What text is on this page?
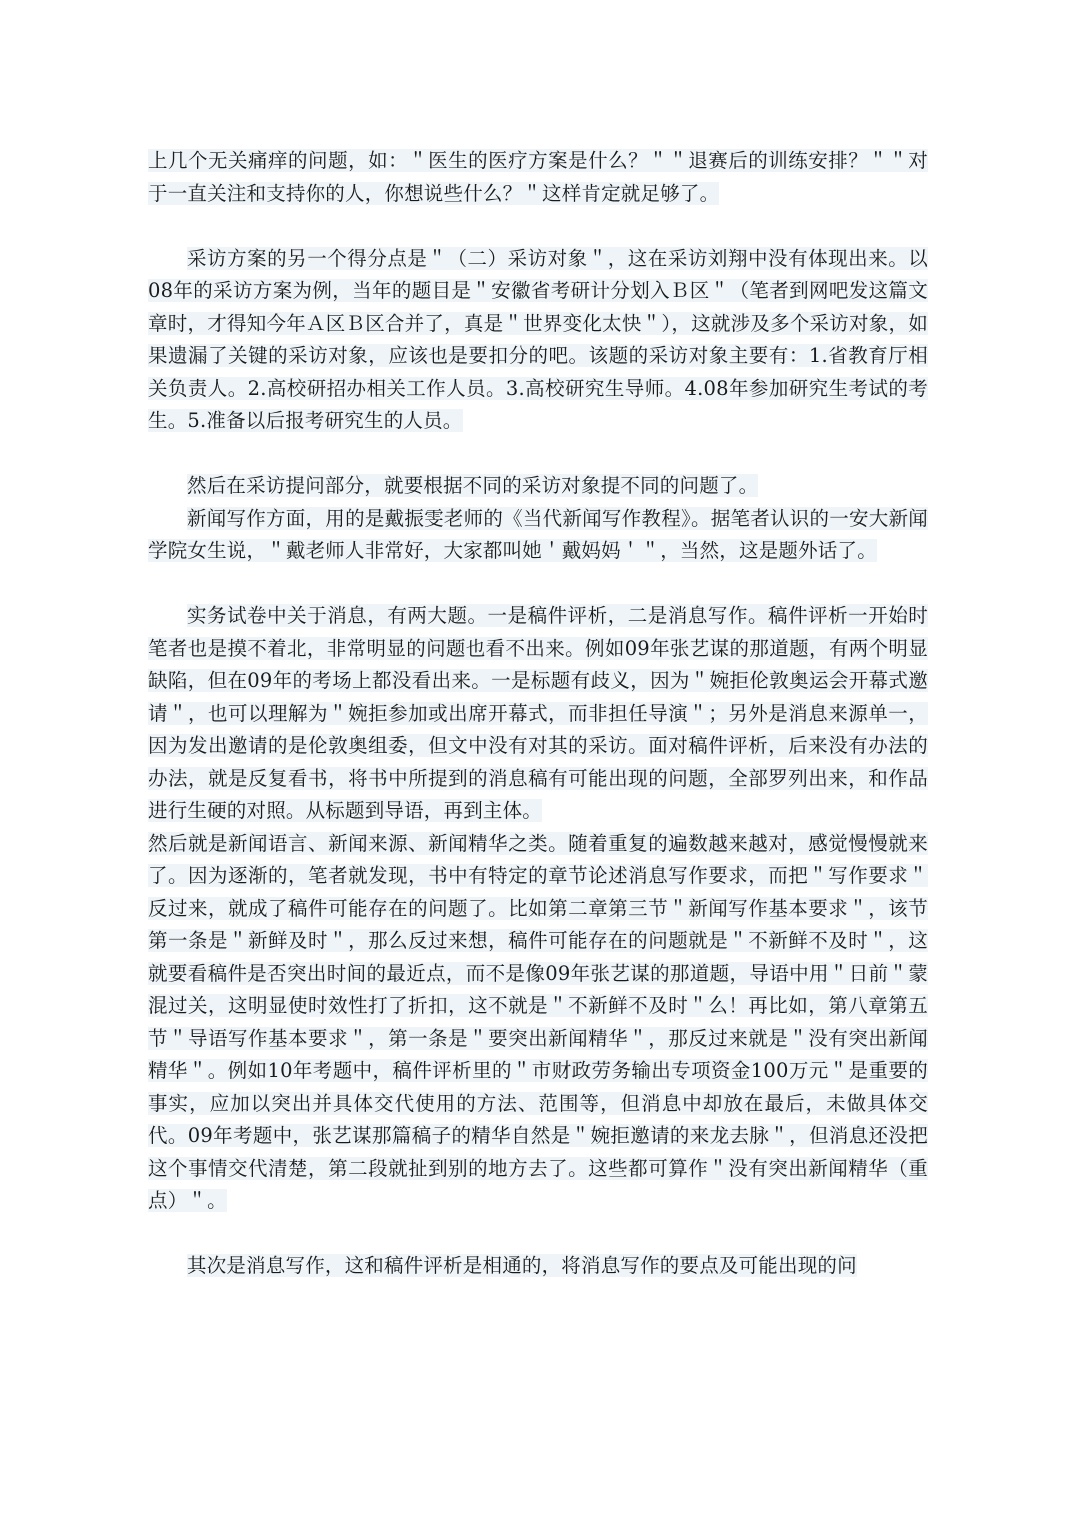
上几个无关痛痒的问题，如：＂医生的医疗方案是什么？＂＂退赛后的训练安排？＂＂对于一直关注和支持你的人，你想说些什么？＂这样肯定就足够了。

采访方案的另一个得分点是＂（二）采访对象＂，这在采访刘翔中没有体现出来。以08年的采访方案为例，当年的题目是＂安徽省考研计分划入Ｂ区＂（笔者到网吧发这篇文章时，才得知今年Ａ区Ｂ区合并了，真是＂世界变化太快＂），这就涉及多个采访对象，如果遗漏了关键的采访对象，应该也是要扣分的吧。该题的采访对象主要有：1.省教育厅相关负责人。2.高校研招办相关工作人员。3.高校研究生导师。4.08年参加研究生考试的考生。5.准备以后报考研究生的人员。

然后在采访提问部分，就要根据不同的采访对象提不同的问题了。

新闻写作方面，用的是戴振雯老师的《当代新闻写作教程》。据笔者认识的一安大新闻学院女生说，＂戴老师人非常好，大家都叫她＇戴妈妈＇＂，当然，这是题外话了。

实务试卷中关于消息，有两大题。一是稿件评析，二是消息写作。稿件评析一开始时笔者也是摸不着北，非常明显的问题也看不出来。例如09年张艺谋的那道题，有两个明显缺陷，但在09年的考场上都没看出来。一是标题有歧义，因为＂婉拒伦敦奥运会开幕式邀请＂，也可以理解为＂婉拒参加或出席开幕式，而非担任导演＂；另外是消息来源单一，因为发出邀请的是伦敦奥组委，但文中没有对其的采访。面对稿件评析，后来没有办法的办法，就是反复看书，将书中所提到的消息稿有可能出现的问题，全部罗列出来，和作品进行生硬的对照。从标题到导语，再到主体。

然后就是新闻语言、新闻来源、新闻精华之类。随着重复的遍数越来越对，感觉慢慢就来了。因为逐渐的，笔者就发现，书中有特定的章节论述消息写作要求，而把＂写作要求＂反过来，就成了稿件可能存在的问题了。比如第二章第三节＂新闻写作基本要求＂，该节第一条是＂新鲜及时＂，那么反过来想，稿件可能存在的问题就是＂不新鲜不及时＂，这就要看稿件是否突出时间的最近点，而不是像09年张艺谋的那道题，导语中用＂日前＂蒙混过关，这明显使时效性打了折扣，这不就是＂不新鲜不及时＂么！再比如，第八章第五节＂导语写作基本要求＂，第一条是＂要突出新闻精华＂，那反过来就是＂没有突出新闻精华＂。例如10年考题中，稿件评析里的＂市财政劳务输出专项资金100万元＂是重要的事实，应加以突出并具体交代使用的方法、范围等，但消息中却放在最后，未做具体交代。09年考题中，张艺谋那篇稿子的精华自然是＂婉拒邀请的来龙去脉＂，但消息还没把这个事情交代清楚，第二段就扯到别的地方去了。这些都可算作＂没有突出新闻精华（重点）＂。

其次是消息写作，这和稿件评析是相通的，将消息写作的要点及可能出现的问
